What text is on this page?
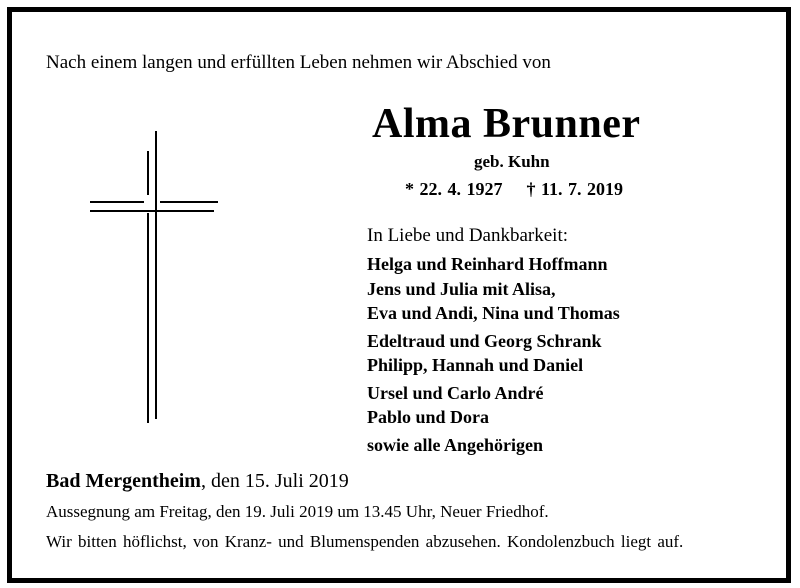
Nach einem langen und erfüllten Leben nehmen wir Abschied von
Alma Brunner
geb. Kuhn
* 22. 4. 1927 † 11. 7. 2019
In Liebe und Dankbarkeit:
Helga und Reinhard Hoffmann
Jens und Julia mit Alisa,
Eva und Andi, Nina und Thomas
Edeltraud und Georg Schrank
Philipp, Hannah und Daniel
Ursel und Carlo André
Pablo und Dora
sowie alle Angehörigen
Bad Mergentheim, den 15. Juli 2019
Aussegnung am Freitag, den 19. Juli 2019 um 13.45 Uhr, Neuer Friedhof.
Wir bitten höflichst, von Kranz- und Blumenspenden abzusehen. Kondolenzbuch liegt auf.
